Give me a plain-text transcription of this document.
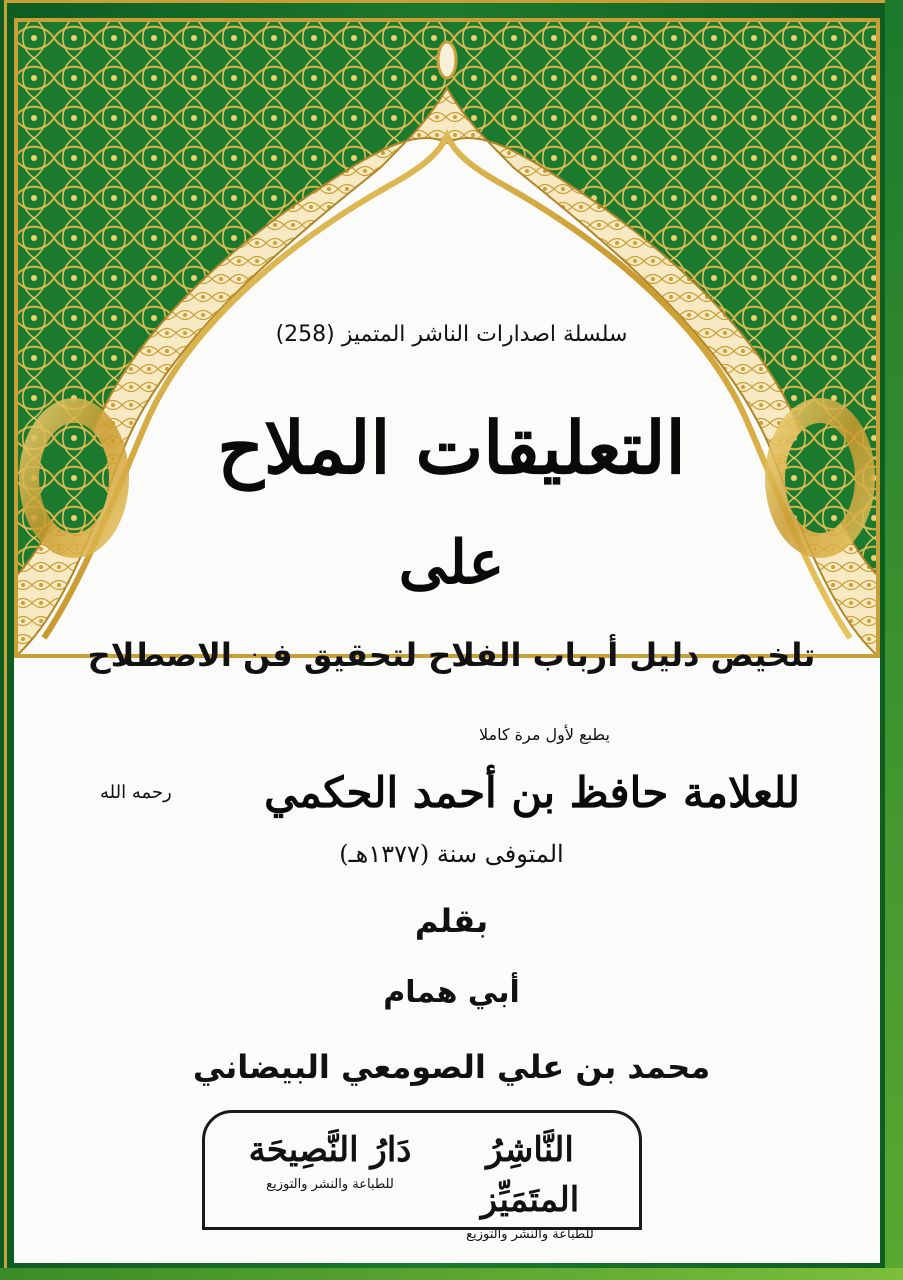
سلسلة اصدارات الناشر المتميز (258)
التعليقات الملاح
على
تلخيص دليل أرباب الفلاح لتحقيق فن الاصطلاح
يطبع لأول مرة كاملا
للعلامة حافظ بن أحمد الحكمي
رحمه الله
المتوفى سنة (١٣٧٧هـ)
بقلم
أبي همام
محمد بن علي الصومعي البيضاني
النَّاشِرُ المتَمَيِّز
للطباعة والنشر والتوزيع
دَارُ النَّصِيحَة
للطباعة والنشر والتوزيع
